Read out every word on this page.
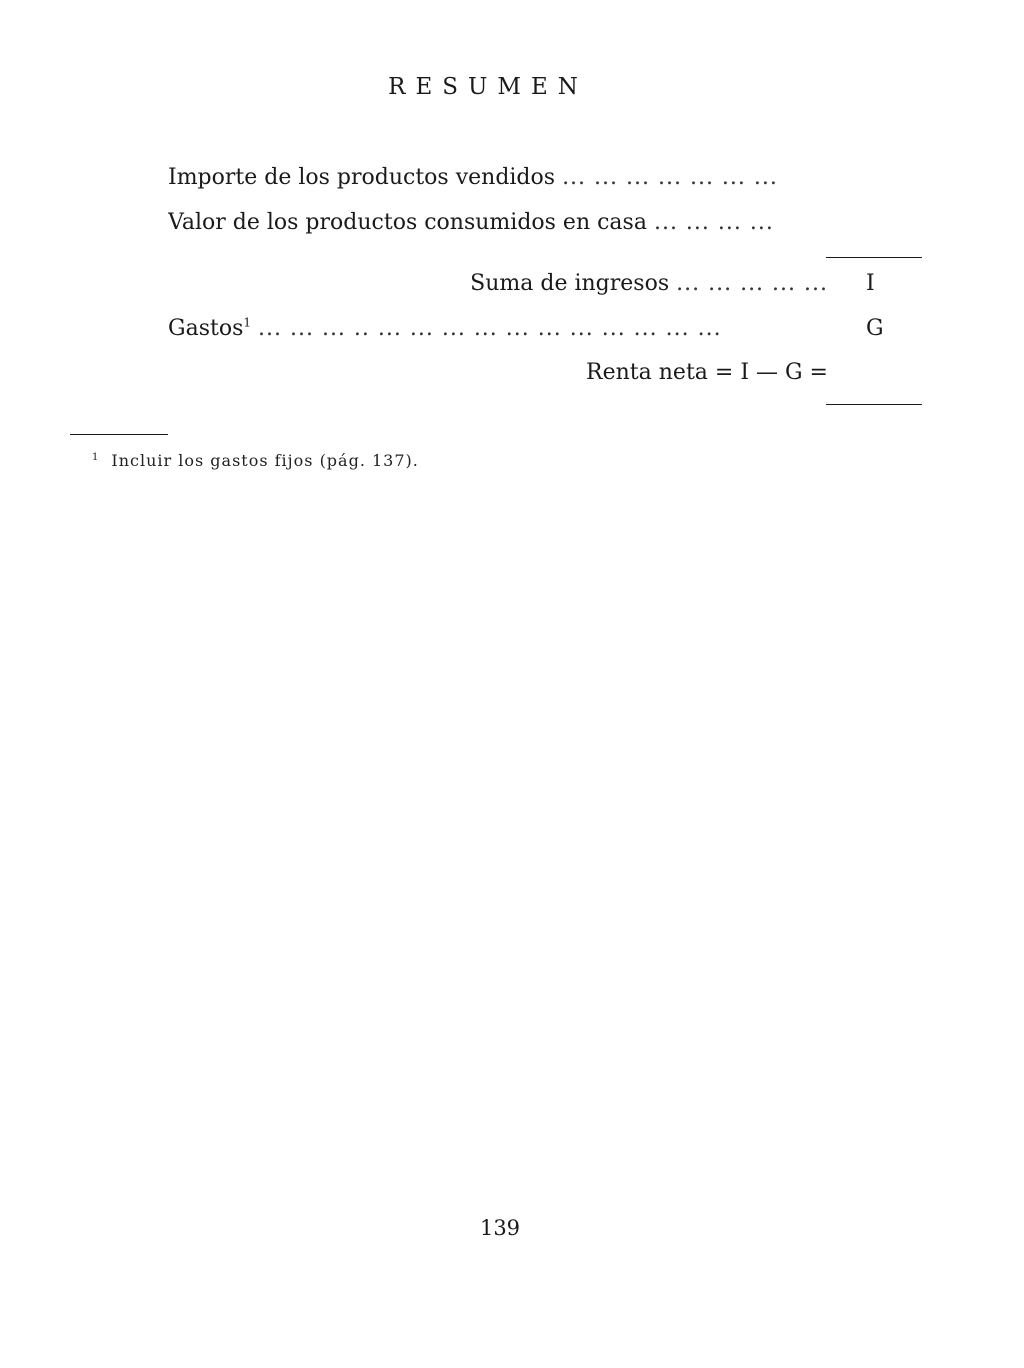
RESUMEN
Importe de los productos vendidos ... ... ... ... ... ... ...
Valor de los productos consumidos en casa ... ... ... ...
Suma de ingresos ... ... ... ... ... I
Gastos$^1$ ... ... ... .. ... ... ... ... ... ... ... ... ... ... ...	G
Renta neta = I — G =
$^1$ Incluir los gastos fijos (pág. 137).
139
